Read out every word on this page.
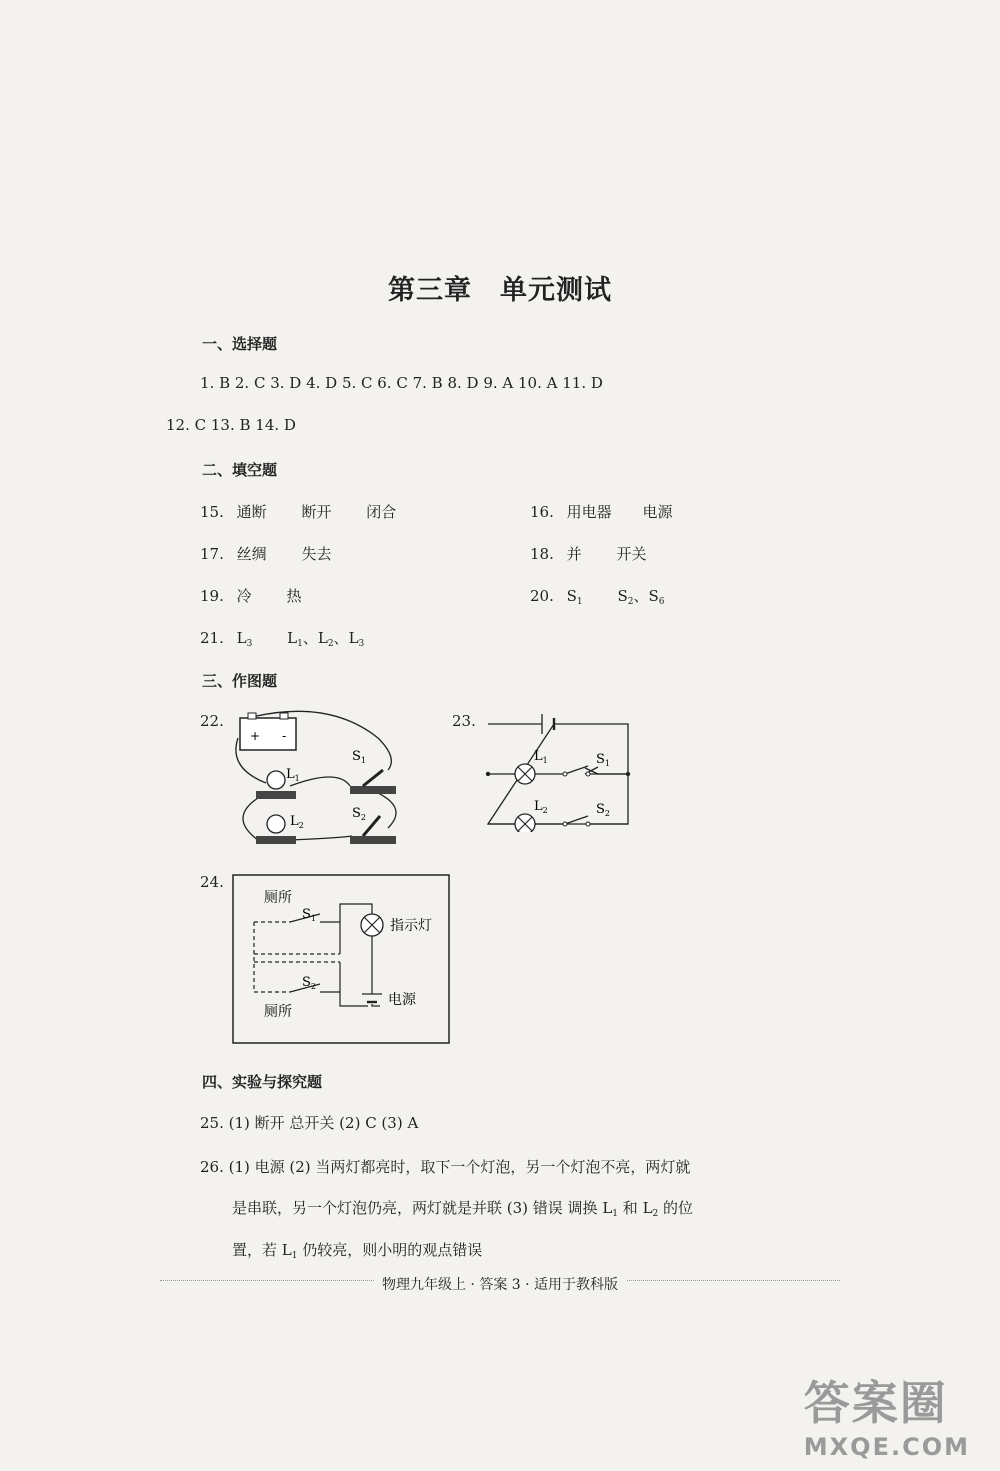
第三章 单元测试
一、选择题
1. B 2. C 3. D 4. D 5. C 6. C 7. B 8. D 9. A 10. A 11. D
12. C 13. B 14. D
二、填空题
15. 通断 断开 闭合	16. 用电器 电源
17. 丝绸 失去	18. 并 开关
19. 冷 热	20. $S_1$ $S_2$、$S_6$
21. $L_3$ $L_1$、$L_2$、$L_3$
三、作图题
22.	23.
24.
+ -
$L_1$
$L_2$
$S_1$
$S_2$
$L_1$	$S_1$
$L_2$	$S_2$
厕所
$S_1$
$S_2$
厕所
指示灯
电源
四、实验与探究题
25. (1) 断开 总开关 (2) C (3) A
26. (1) 电源 (2) 当两灯都亮时，取下一个灯泡，另一个灯泡不亮，两灯就
是串联，另一个灯泡仍亮，两灯就是并联 (3) 错误 调换 $L_1$ 和 $L_2$ 的位
置，若 $L_1$ 仍较亮，则小明的观点错误
物理九年级上 · 答案 3 · 适用于教科版
答案圈
MXQE.COM
